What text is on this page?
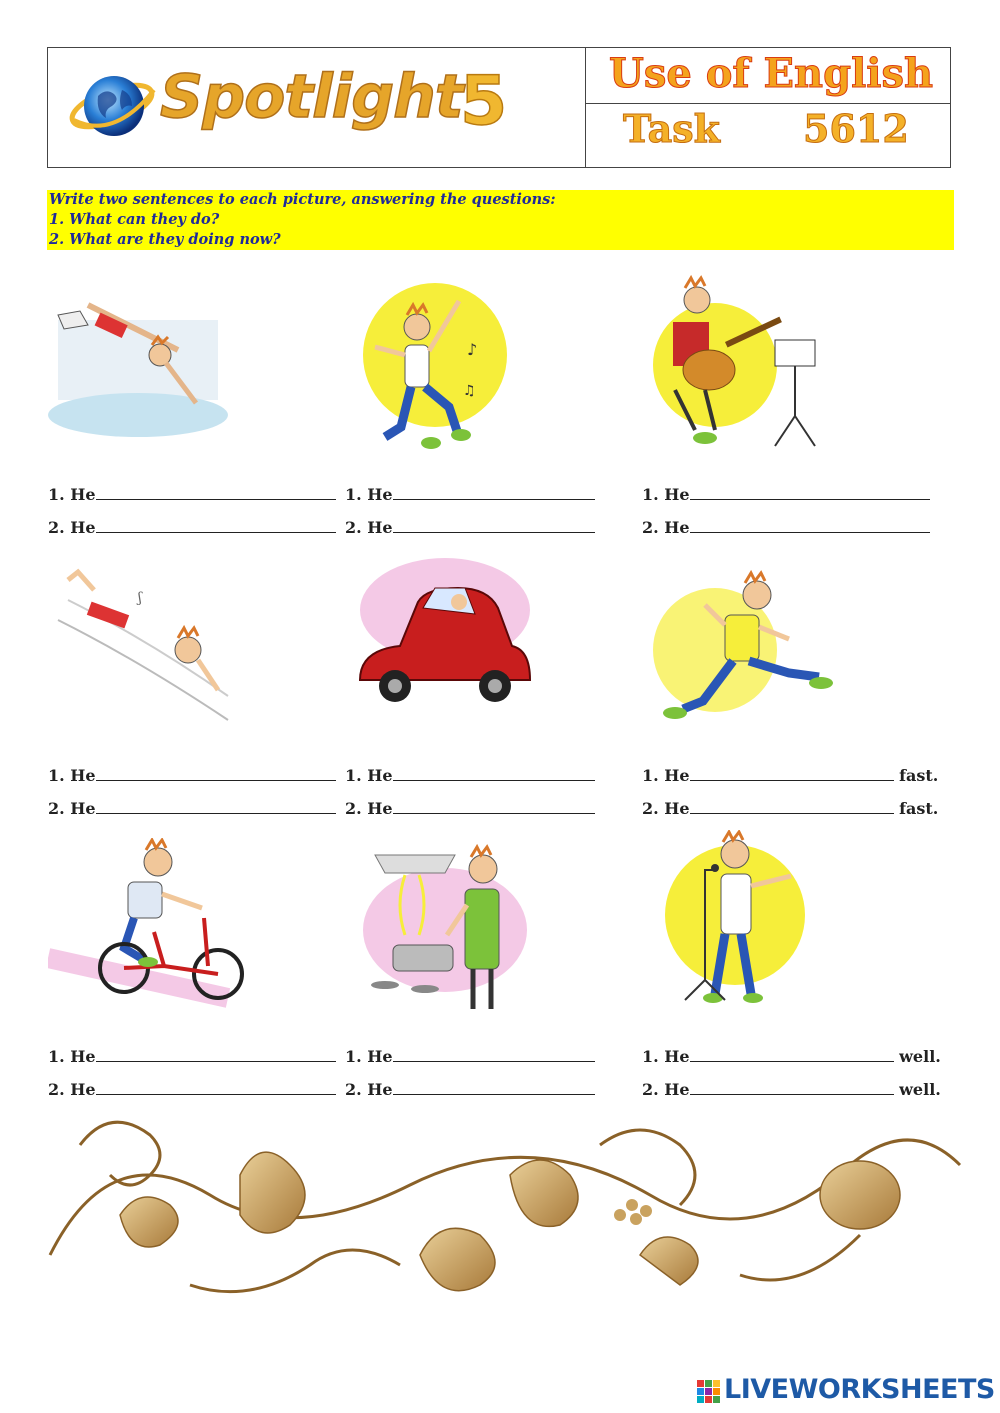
Spotlight
5	Use of English
Task 5612
Write two sentences to each picture, answering the questions:
1. What can they do?
2. What are they doing now?
♪
♫
1. He
2. He
1. He
2. He
1. He
2. He
ʃ
1. He
2. He
1. He
2. He
1. He	fast.
2. He	fast.
1. He
2. He
1. He
2. He
1. He	well.
2. He	well.
LIVEWORKSHEETS
